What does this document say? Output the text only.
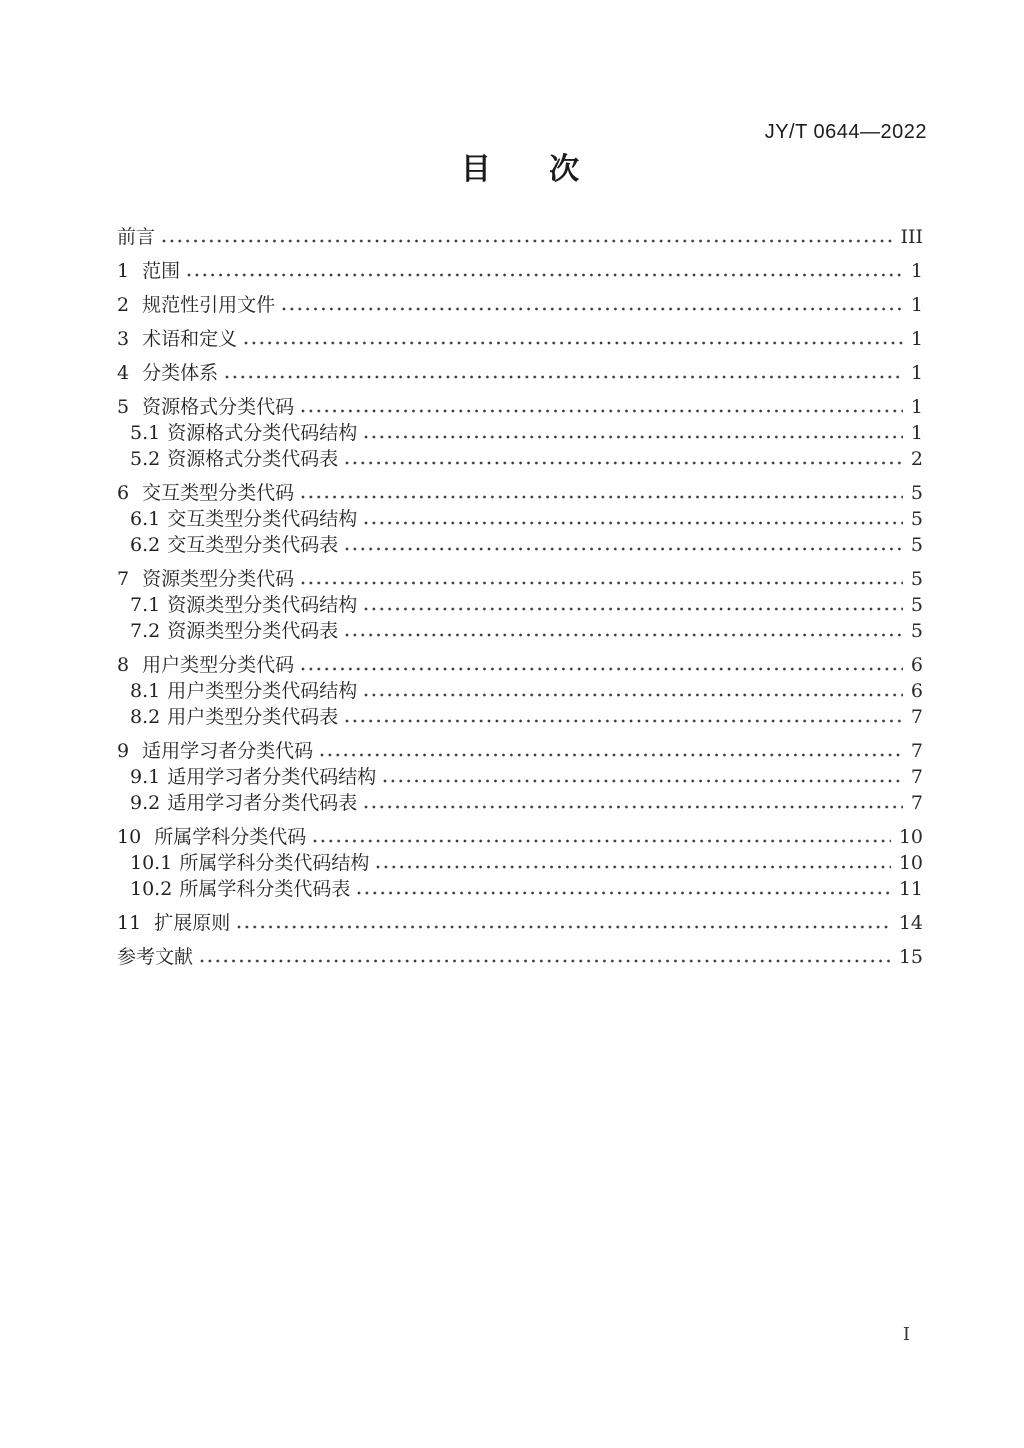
JY/T 0644—2022
目 次
前言	III
1 范围	1
2 规范性引用文件	1
3 术语和定义	1
4 分类体系	1
5 资源格式分类代码	1
5.1 资源格式分类代码结构	1
5.2 资源格式分类代码表	2
6 交互类型分类代码	5
6.1 交互类型分类代码结构	5
6.2 交互类型分类代码表	5
7 资源类型分类代码	5
7.1 资源类型分类代码结构	5
7.2 资源类型分类代码表	5
8 用户类型分类代码	6
8.1 用户类型分类代码结构	6
8.2 用户类型分类代码表	7
9 适用学习者分类代码	7
9.1 适用学习者分类代码结构	7
9.2 适用学习者分类代码表	7
10 所属学科分类代码	10
10.1 所属学科分类代码结构	10
10.2 所属学科分类代码表	11
11 扩展原则	14
参考文献	15
I
